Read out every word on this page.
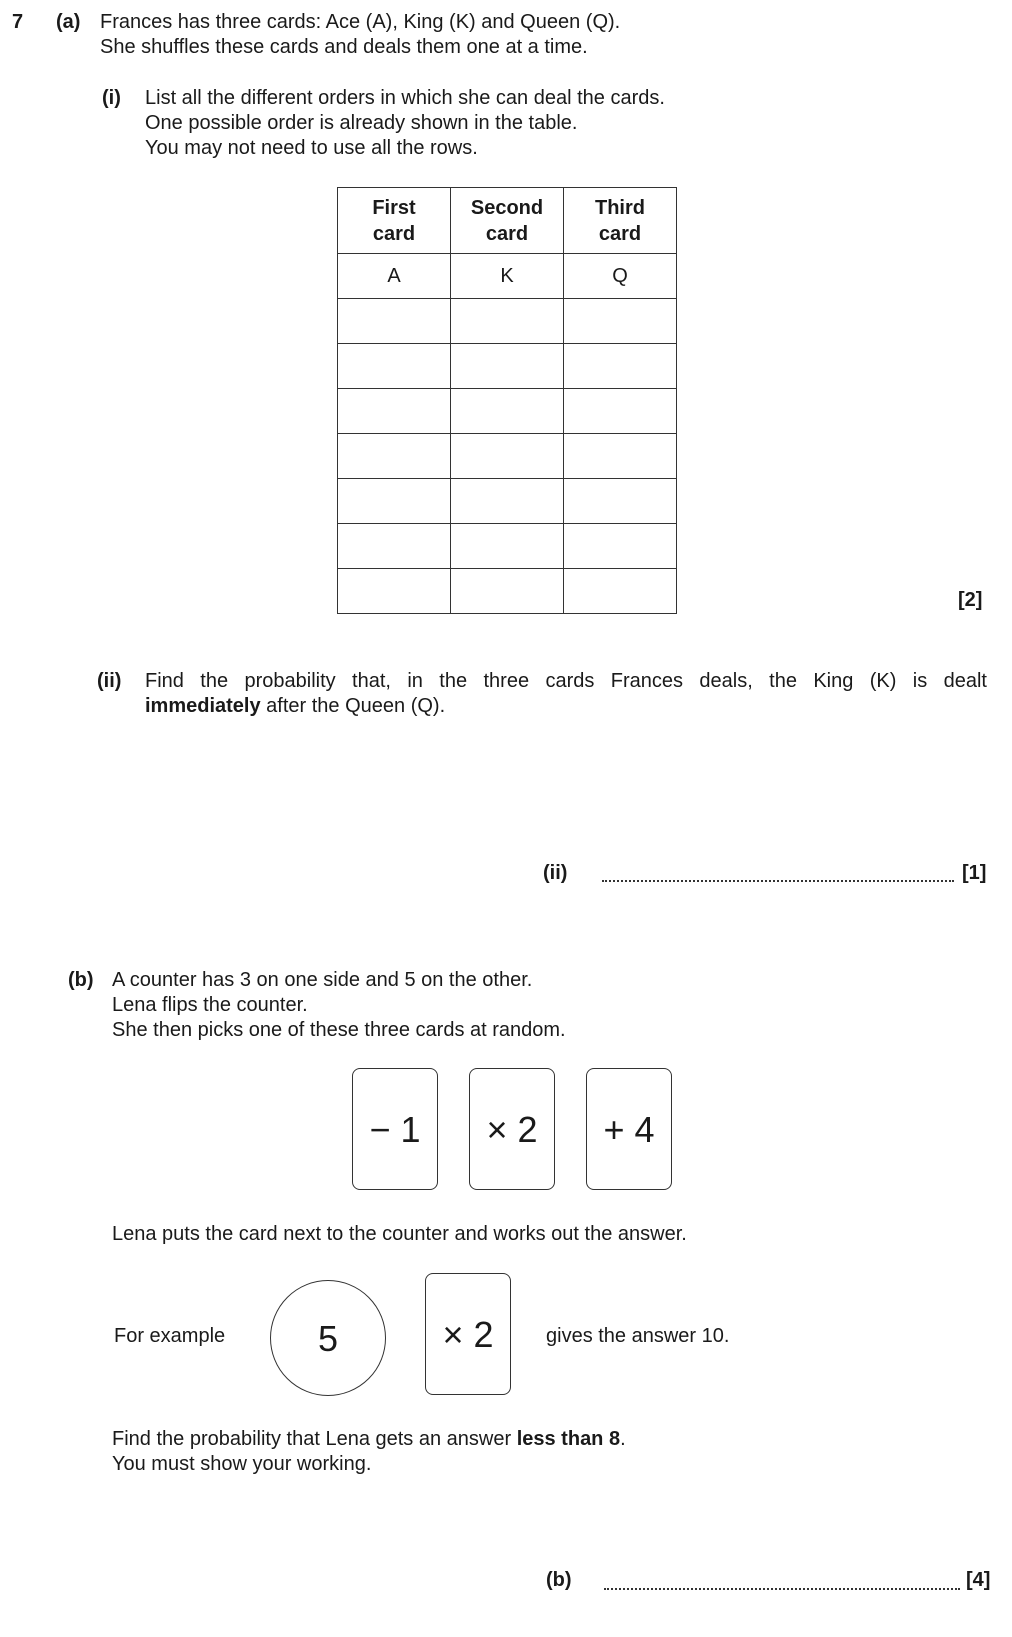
7 (a) Frances has three cards: Ace (A), King (K) and Queen (Q).
She shuffles these cards and deals them one at a time.
(i) List all the different orders in which she can deal the cards.
One possible order is already shown in the table.
You may not need to use all the rows.
First card	Second card	Third card
A	K	Q

[2]
(ii) Find the probability that, in the three cards Frances deals, the King (K) is dealt
immediately after the Queen (Q).
(ii)	[1]
(b) A counter has 3 on one side and 5 on the other.
Lena flips the counter.
She then picks one of these three cards at random.
− 1	× 2	+ 4
Lena puts the card next to the counter and works out the answer.
For example	5	× 2	gives the answer 10.
Find the probability that Lena gets an answer less than 8.
You must show your working.
(b)	[4]
